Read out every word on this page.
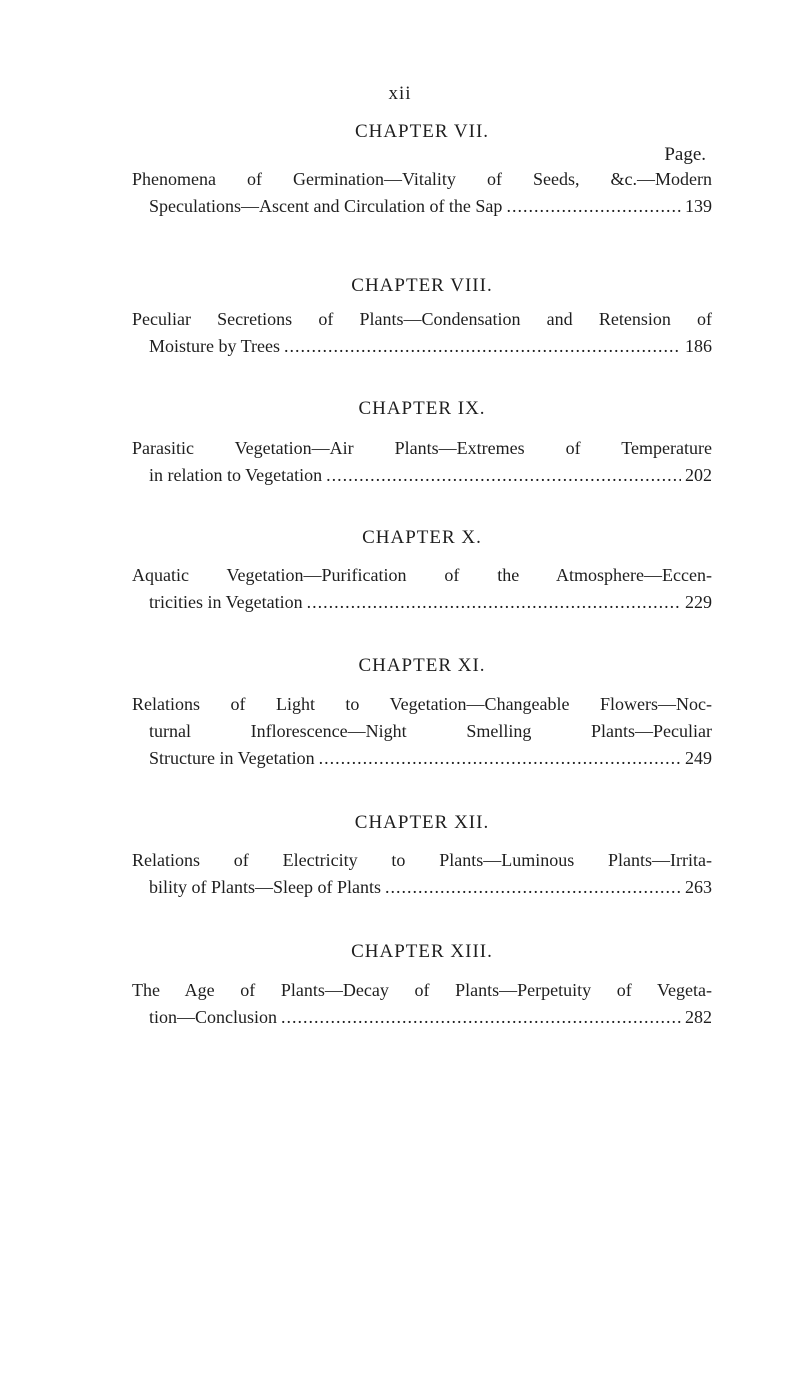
xii
CHAPTER VII.
Page.
Phenomena of Germination—Vitality of Seeds, &c.—Modern
Speculations—Ascent and Circulation of the Sap .....	139
CHAPTER VIII.
Peculiar Secretions of Plants—Condensation and Retension of
Moisture by Trees .....	186
CHAPTER IX.
Parasitic Vegetation—Air Plants—Extremes of Temperature
in relation to Vegetation .....	202
CHAPTER X.
Aquatic Vegetation—Purification of the Atmosphere—Eccen-
tricities in Vegetation .....	229
CHAPTER XI.
Relations of Light to Vegetation—Changeable Flowers—Noc-
turnal Inflorescence—Night Smelling Plants—Peculiar
Structure in Vegetation .....	249
CHAPTER XII.
Relations of Electricity to Plants—Luminous Plants—Irrita-
bility of Plants—Sleep of Plants .....	263
CHAPTER XIII.
The Age of Plants—Decay of Plants—Perpetuity of Vegeta-
tion—Conclusion .....	282
